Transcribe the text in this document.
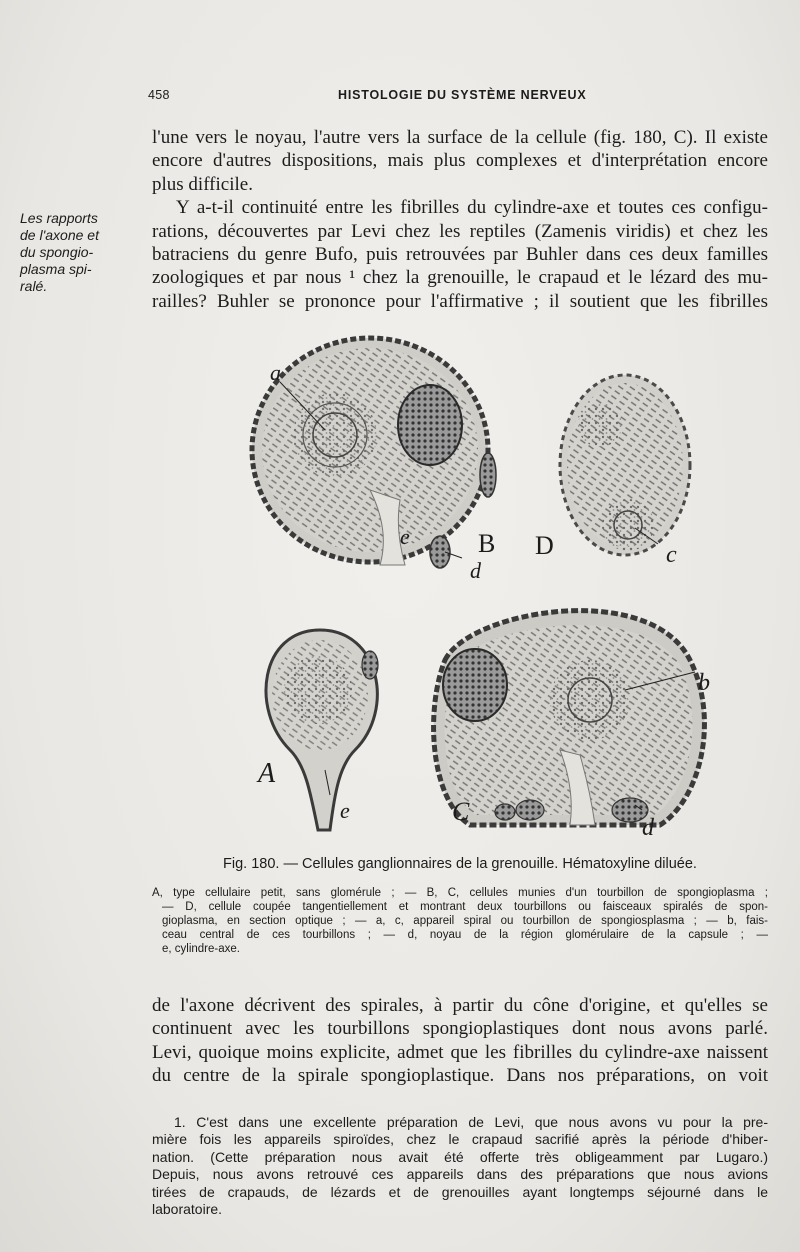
458	HISTOLOGIE DU SYSTÈME NERVEUX
Les rapports
de l'axone et
du spongio-
plasma spi-
ralé.
l'une vers le noyau, l'autre vers la surface de la cellule (fig. 180, C). Il existe
encore d'autres dispositions, mais plus complexes et d'interprétation encore
plus difficile.
Y a-t-il continuité entre les fibrilles du cylindre-axe et toutes ces configu-
rations, découvertes par Levi chez les reptiles (Zamenis viridis) et chez les
batraciens du genre Bufo, puis retrouvées par Buhler dans ces deux familles
zoologiques et par nous ¹ chez la grenouille, le crapaud et le lézard des mu-
railles? Buhler se prononce pour l'affirmative ; il soutient que les fibrilles
a
B D	c
e
d
b
A
e	C
d
Fig. 180. — Cellules ganglionnaires de la grenouille. Hématoxyline diluée.
A, type cellulaire petit, sans glomérule ; — B, C, cellules munies d'un tourbillon de spongioplasma ;
— D, cellule coupée tangentiellement et montrant deux tourbillons ou faisceaux spiralés de spon-
gioplasma, en section optique ; — a, c, appareil spiral ou tourbillon de spongiosplasma ; — b, fais-
ceau central de ces tourbillons ; — d, noyau de la région glomérulaire de la capsule ; —
e, cylindre-axe.
de l'axone décrivent des spirales, à partir du cône d'origine, et qu'elles se
continuent avec les tourbillons spongioplastiques dont nous avons parlé.
Levi, quoique moins explicite, admet que les fibrilles du cylindre-axe naissent
du centre de la spirale spongioplastique. Dans nos préparations, on voit
1. C'est dans une excellente préparation de Levi, que nous avons vu pour la pre-
mière fois les appareils spiroïdes, chez le crapaud sacrifié après la période d'hiber-
nation. (Cette préparation nous avait été offerte très obligeamment par Lugaro.)
Depuis, nous avons retrouvé ces appareils dans des préparations que nous avions
tirées de crapauds, de lézards et de grenouilles ayant longtemps séjourné dans le
laboratoire.
